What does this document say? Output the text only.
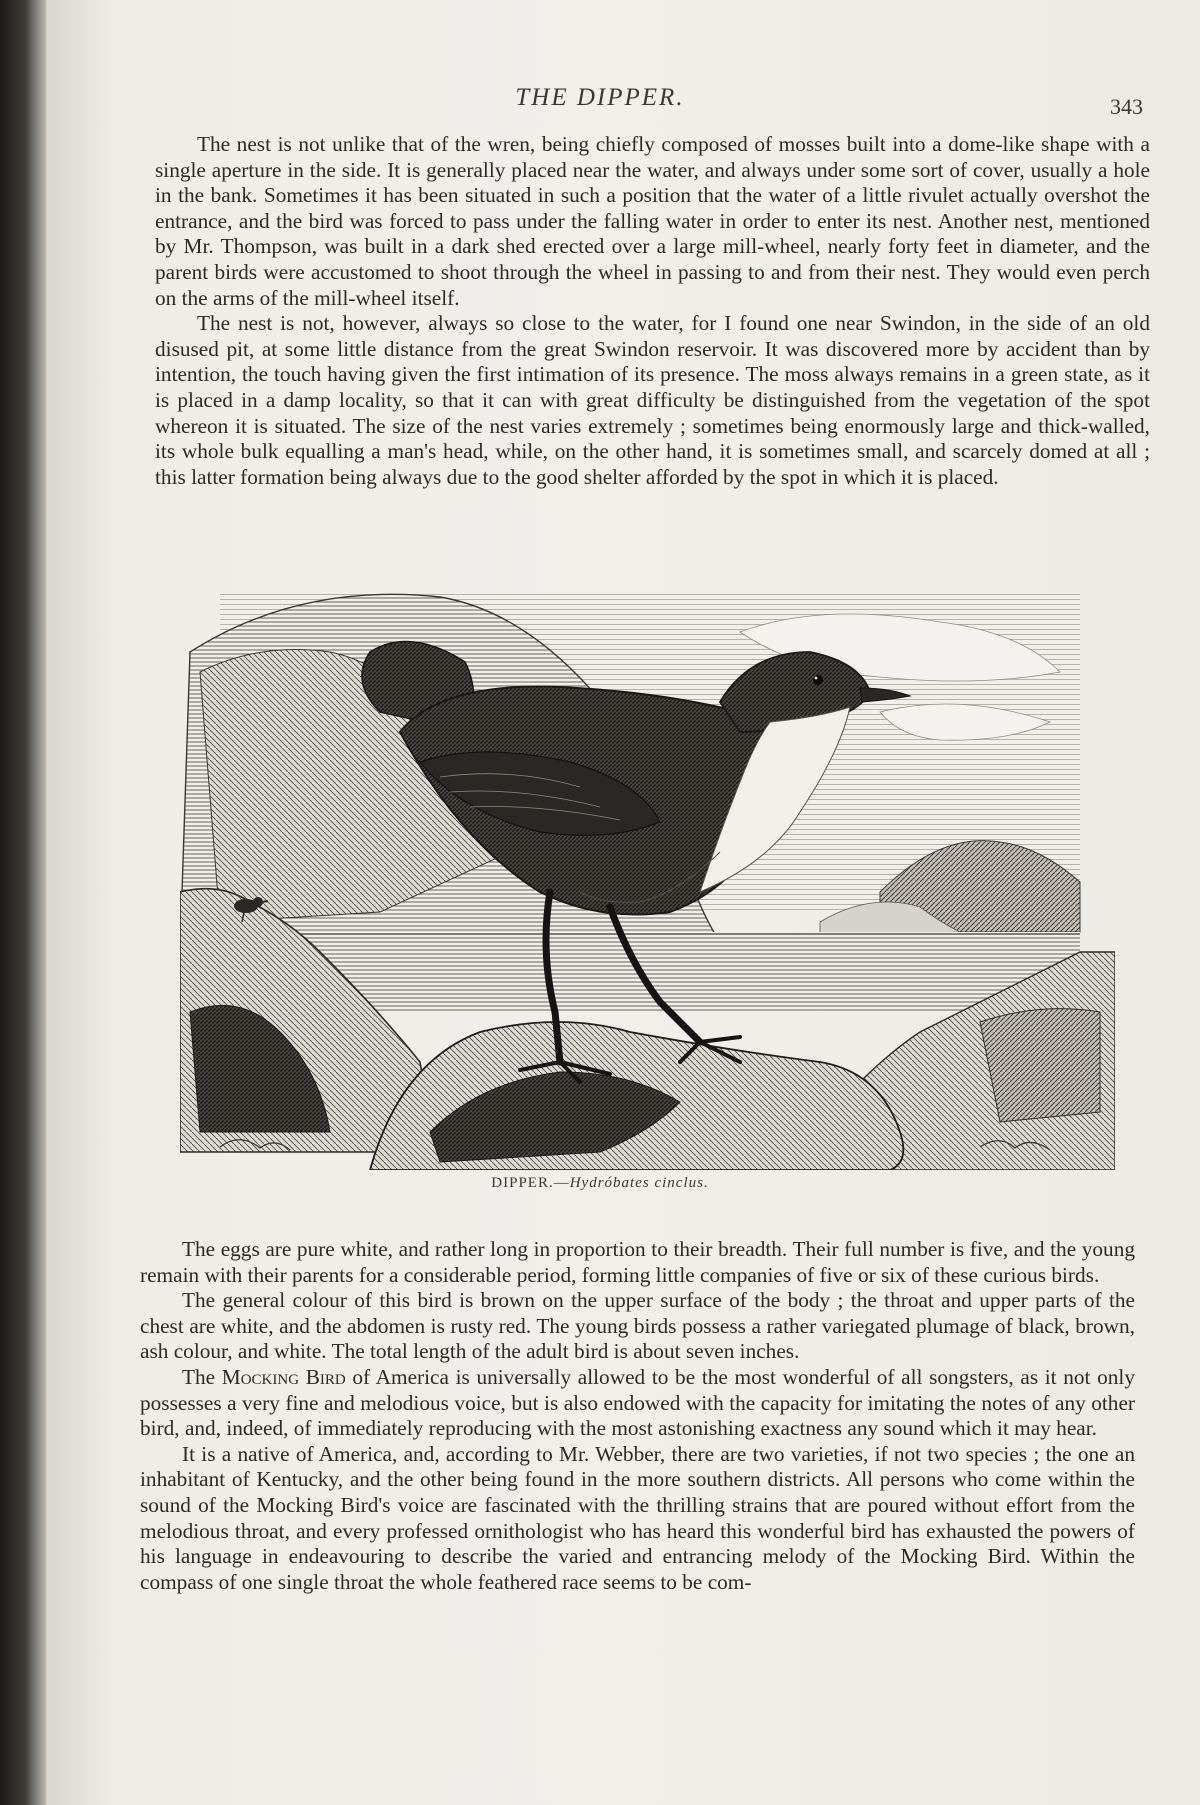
THE DIPPER.	343

The nest is not unlike that of the wren, being chiefly composed of mosses built into a dome-like shape with a single aperture in the side. It is generally placed near the water, and always under some sort of cover, usually a hole in the bank. Sometimes it has been situated in such a position that the water of a little rivulet actually overshot the entrance, and the bird was forced to pass under the falling water in order to enter its nest. Another nest, mentioned by Mr. Thompson, was built in a dark shed erected over a large mill-wheel, nearly forty feet in diameter, and the parent birds were accustomed to shoot through the wheel in passing to and from their nest. They would even perch on the arms of the mill-wheel itself.

The nest is not, however, always so close to the water, for I found one near Swindon, in the side of an old disused pit, at some little distance from the great Swindon reservoir. It was discovered more by accident than by intention, the touch having given the first intimation of its presence. The moss always remains in a green state, as it is placed in a damp locality, so that it can with great difficulty be distinguished from the vegetation of the spot whereon it is situated. The size of the nest varies extremely ; sometimes being enormously large and thick-walled, its whole bulk equalling a man's head, while, on the other hand, it is sometimes small, and scarcely domed at all ; this latter formation being always due to the good shelter afforded by the spot in which it is placed.

DIPPER.—Hydróbates cinclus.

The eggs are pure white, and rather long in proportion to their breadth. Their full number is five, and the young remain with their parents for a considerable period, forming little companies of five or six of these curious birds.

The general colour of this bird is brown on the upper surface of the body ; the throat and upper parts of the chest are white, and the abdomen is rusty red. The young birds possess a rather variegated plumage of black, brown, ash colour, and white. The total length of the adult bird is about seven inches.

The Mocking Bird of America is universally allowed to be the most wonderful of all songsters, as it not only possesses a very fine and melodious voice, but is also endowed with the capacity for imitating the notes of any other bird, and, indeed, of immediately reproducing with the most astonishing exactness any sound which it may hear.

It is a native of America, and, according to Mr. Webber, there are two varieties, if not two species ; the one an inhabitant of Kentucky, and the other being found in the more southern districts. All persons who come within the sound of the Mocking Bird's voice are fascinated with the thrilling strains that are poured without effort from the melodious throat, and every professed ornithologist who has heard this wonderful bird has exhausted the powers of his language in endeavouring to describe the varied and entrancing melody of the Mocking Bird. Within the compass of one single throat the whole feathered race seems to be com-
